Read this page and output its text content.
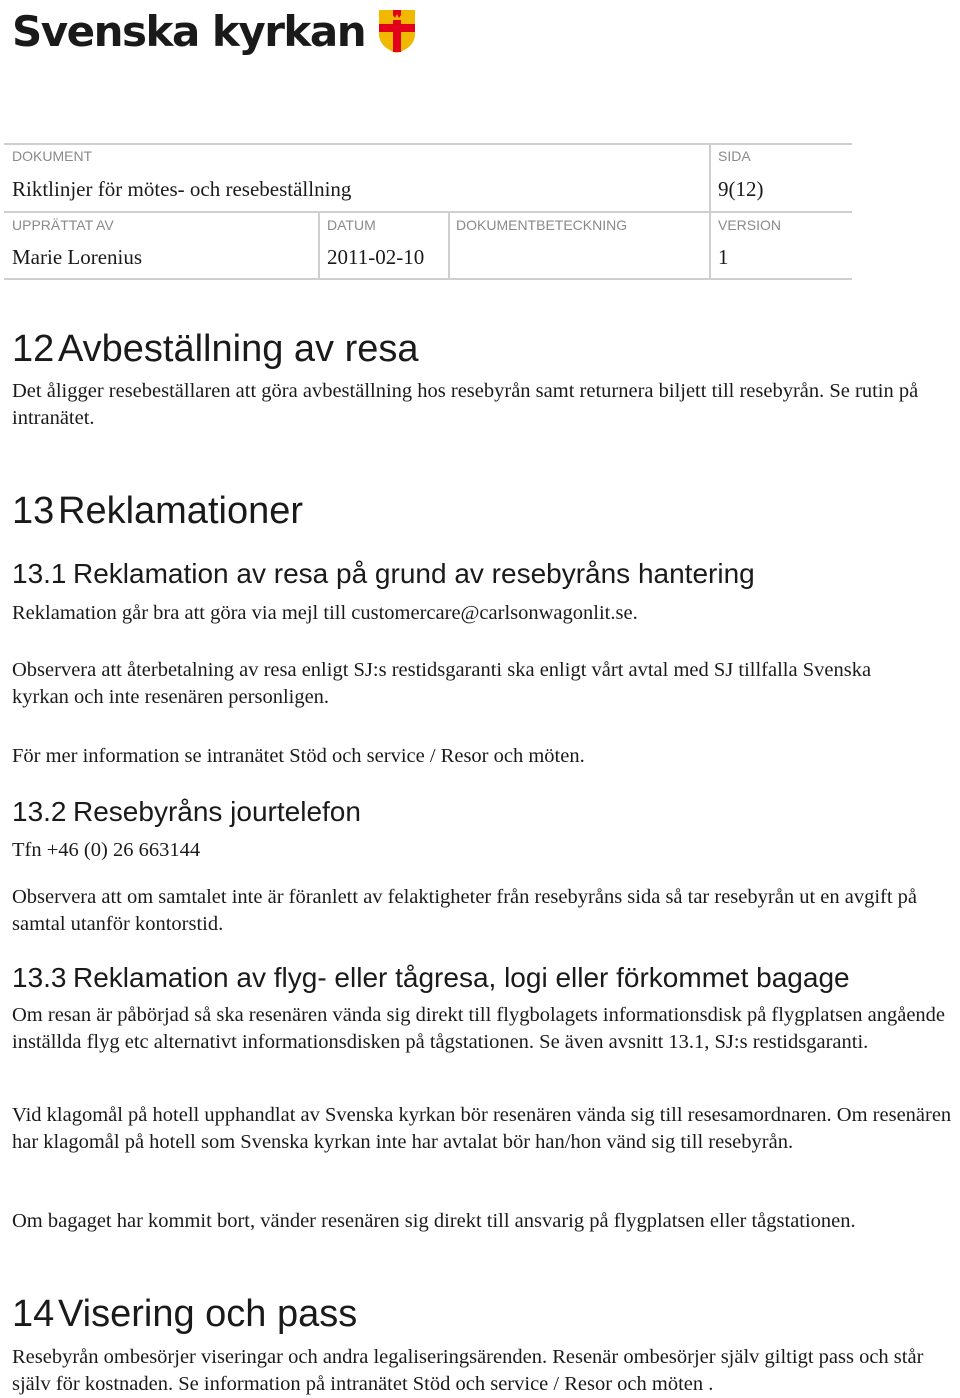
Svenska kyrkan
DOKUMENT
Riktlinjer för mötes- och resebeställning
SIDA
9(12)
UPPRÄTTAT AV
Marie Lorenius
DATUM
2011-02-10
DOKUMENTBETECKNING	VERSION
1
12Avbeställning av resa
Det åligger resebeställaren att göra avbeställning hos resebyrån samt returnera biljett till resebyrån. Se rutin på intranätet.
13Reklamationer
13.1 Reklamation av resa på grund av resebyråns hantering
Reklamation går bra att göra via mejl till customercare@carlsonwagonlit.se.
Observera att återbetalning av resa enligt SJ:s restidsgaranti ska enligt vårt avtal med SJ tillfalla Svenska kyrkan och inte resenären personligen.
För mer information se intranätet Stöd och service / Resor och möten.
13.2 Resebyråns jourtelefon
Tfn +46 (0) 26 663144
Observera att om samtalet inte är föranlett av felaktigheter från resebyråns sida så tar resebyrån ut en avgift på samtal utanför kontorstid.
13.3 Reklamation av flyg- eller tågresa, logi eller förkommet bagage
Om resan är påbörjad så ska resenären vända sig direkt till flygbolagets informationsdisk på flygplatsen angående inställda flyg etc alternativt informationsdisken på tågstationen. Se även avsnitt 13.1, SJ:s restidsgaranti.
Vid klagomål på hotell upphandlat av Svenska kyrkan bör resenären vända sig till resesamordnaren. Om resenären har klagomål på hotell som Svenska kyrkan inte har avtalat bör han/hon vänd sig till resebyrån.
Om bagaget har kommit bort, vänder resenären sig direkt till ansvarig på flygplatsen eller tågstationen.
14Visering och pass
Resebyrån ombesörjer viseringar och andra legaliseringsärenden. Resenär ombesörjer själv giltigt pass och står själv för kostnaden. Se information på intranätet Stöd och service / Resor och möten .
